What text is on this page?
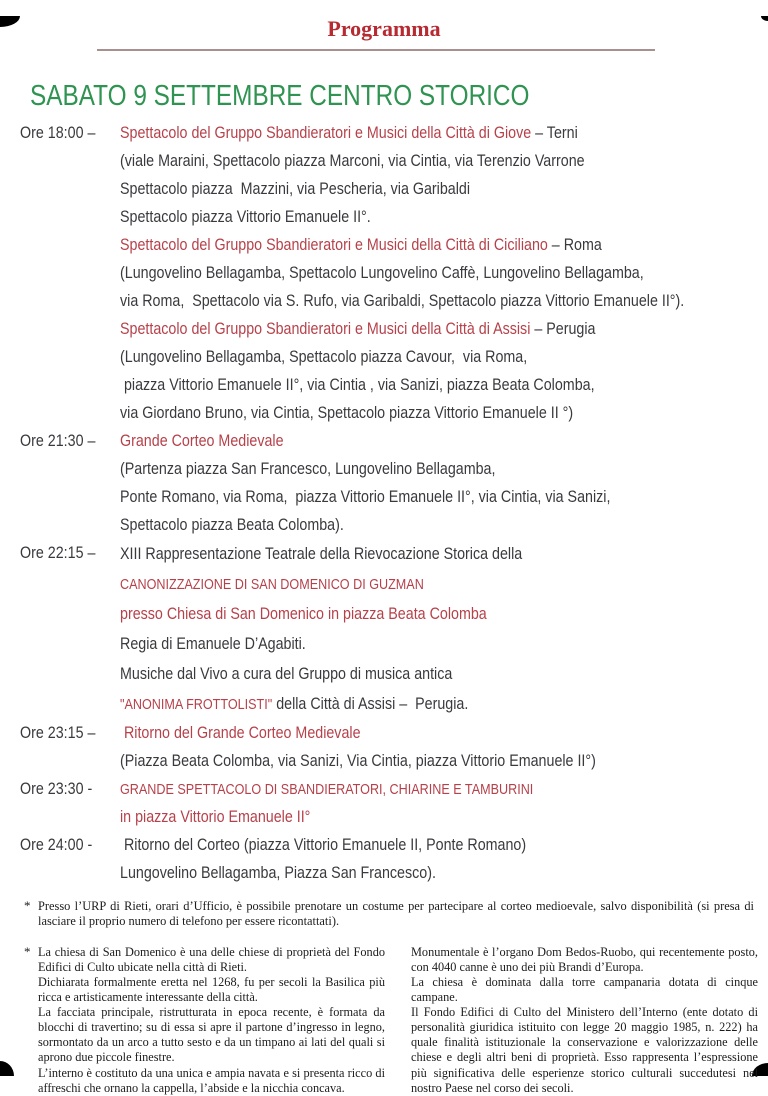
Programma
SABATO 9 SETTEMBRE CENTRO STORICO
Ore 18:00 –	Spettacolo del Gruppo Sbandieratori e Musici della Città di Giove – Terni
(viale Maraini, Spettacolo piazza Marconi, via Cintia, via Terenzio Varrone
Spettacolo piazza  Mazzini, via Pescheria, via Garibaldi
Spettacolo piazza Vittorio Emanuele II°.
Spettacolo del Gruppo Sbandieratori e Musici della Città di Ciciliano – Roma
(Lungovelino Bellagamba, Spettacolo Lungovelino Caffè, Lungovelino Bellagamba,
via Roma,  Spettacolo via S. Rufo, via Garibaldi, Spettacolo piazza Vittorio Emanuele II°).
Spettacolo del Gruppo Sbandieratori e Musici della Città di Assisi – Perugia
(Lungovelino Bellagamba, Spettacolo piazza Cavour,  via Roma,
piazza Vittorio Emanuele II°, via Cintia , via Sanizi, piazza Beata Colomba,
via Giordano Bruno, via Cintia, Spettacolo piazza Vittorio Emanuele II °)
Ore 21:30 –	Grande Corteo Medievale
(Partenza piazza San Francesco, Lungovelino Bellagamba,
Ponte Romano, via Roma,  piazza Vittorio Emanuele II°, via Cintia, via Sanizi,
Spettacolo piazza Beata Colomba).
Ore 22:15 –	XIII Rappresentazione Teatrale della Rievocazione Storica della
CANONIZZAZIONE DI SAN DOMENICO DI GUZMAN
presso Chiesa di San Domenico in piazza Beata Colomba
Regia di Emanuele D’Agabiti.
Musiche dal Vivo a cura del Gruppo di musica antica
"ANONIMA FROTTOLISTI" della Città di Assisi –  Perugia.
Ore 23:15 –	Ritorno del Grande Corteo Medievale
(Piazza Beata Colomba, via Sanizi, Via Cintia, piazza Vittorio Emanuele II°)
Ore 23:30 -	GRANDE SPETTACOLO DI SBANDIERATORI, CHIARINE E TAMBURINI
in piazza Vittorio Emanuele II°
Ore 24:00 -	Ritorno del Corteo (piazza Vittorio Emanuele II, Ponte Romano)
Lungovelino Bellagamba, Piazza San Francesco).
* Presso l’URP di Rieti, orari d’Ufficio, è possibile prenotare un costume per partecipare al corteo medioevale, salvo disponibilità (si presa di lasciare il proprio numero di telefono per essere ricontattati).

* La chiesa di San Domenico è una delle chiese di proprietà del Fondo Edifici di Culto ubicate nella città di Rieti.

Dichiarata formalmente eretta nel 1268, fu per secoli la Basilica più ricca e artisticamente interessante della città.

La facciata principale, ristrutturata in epoca recente, è formata da blocchi di travertino; su di essa si apre il partone d’ingresso in legno, sormontato da un arco a tutto sesto e da un timpano ai lati del quali si aprono due piccole finestre.

L’interno è costituto da una unica e ampia navata e si presenta ricco di affreschi che ornano la cappella, l’abside e la nicchia concava.

Monumentale è l’organo Dom Bedos-Ruobo, qui recentemente posto, con 4040 canne è uno dei più Brandi d’Europa.

La chiesa è dominata dalla torre campanaria dotata di cinque campane.

Il Fondo Edifici di Culto del Ministero dell’Interno (ente dotato di personalità giuridica istituito con legge 20 maggio 1985, n. 222) ha quale finalità istituzionale la conservazione e valorizzazione delle chiese e degli altri beni di proprietà. Esso rappresenta l’espressione più significativa delle esperienze storico culturali succedutesi nel nostro Paese nel corso dei secoli.
